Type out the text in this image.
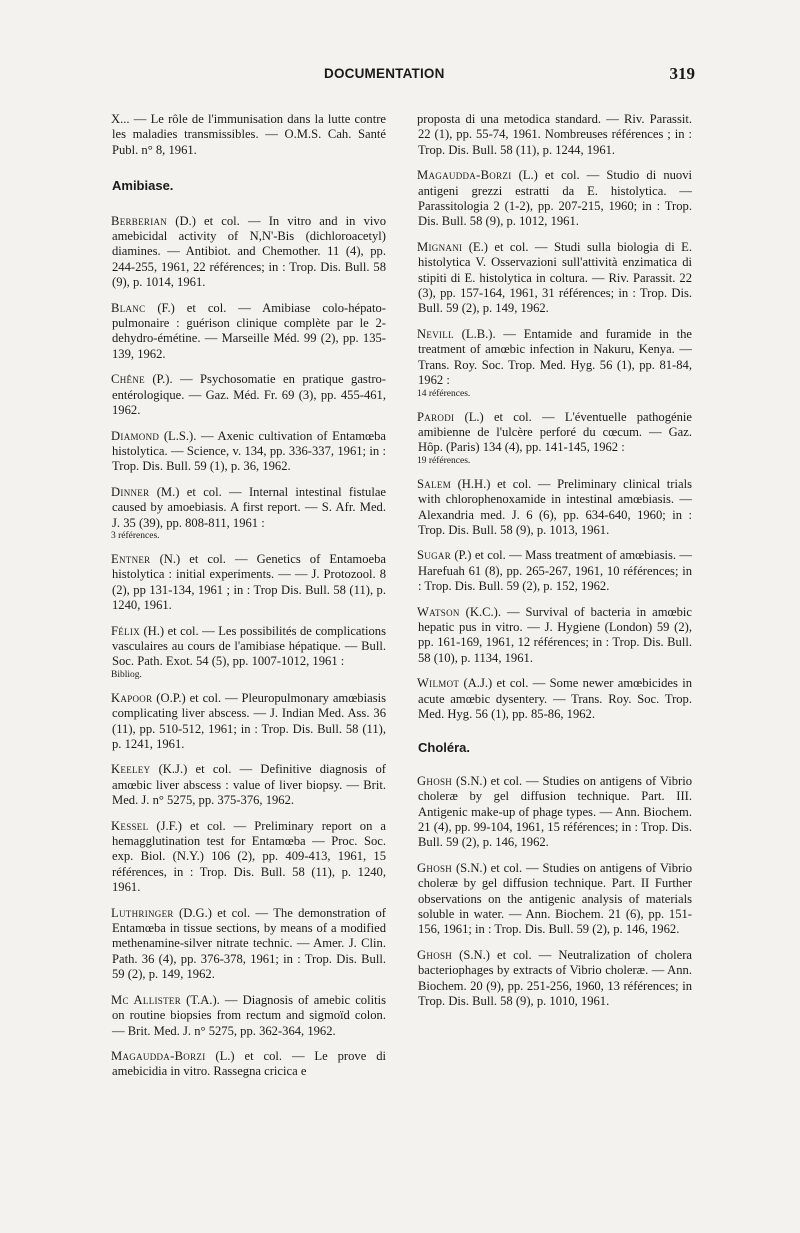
DOCUMENTATION	319

X... — Le rôle de l'immunisation dans la lutte contre les maladies transmissibles. — O.M.S. Cah. Santé Publ. n° 8, 1961.

Amibiase.

Berberian (D.) et col. — In vitro and in vivo amebicidal activity of N,N'-Bis (dichloroacetyl) diamines. — Antibiot. and Chemother. 11 (4), pp. 244-255, 1961, 22 références; in : Trop. Dis. Bull. 58 (9), p. 1014, 1961.

Blanc (F.) et col. — Amibiase colo-hépato-pulmonaire : guérison clinique complète par le 2-dehydro-émétine. — Marseille Méd. 99 (2), pp. 135-139, 1962.

Chêne (P.). — Psychosomatie en pratique gastro-entérologique. — Gaz. Méd. Fr. 69 (3), pp. 455-461, 1962.

Diamond (L.S.). — Axenic cultivation of Entamœba histolytica. — Science, v. 134, pp. 336-337, 1961; in : Trop. Dis. Bull. 59 (1), p. 36, 1962.

Dinner (M.) et col. — Internal intestinal fistulae caused by amoebiasis. A first report. — S. Afr. Med. J. 35 (39), pp. 808-811, 1961 :
3 références.

Entner (N.) et col. — Genetics of Entamoeba histolytica : initial experiments. — — J. Protozool. 8 (2), pp 131-134, 1961 ; in : Trop Dis. Bull. 58 (11), p. 1240, 1961.

Félix (H.) et col. — Les possibilités de complications vasculaires au cours de l'amibiase hépatique. — Bull. Soc. Path. Exot. 54 (5), pp. 1007-1012, 1961 :
Bibliog.

Kapoor (O.P.) et col. — Pleuropulmonary amœbiasis complicating liver abscess. — J. Indian Med. Ass. 36 (11), pp. 510-512, 1961; in : Trop. Dis. Bull. 58 (11), p. 1241, 1961.

Keeley (K.J.) et col. — Definitive diagnosis of amœbic liver abscess : value of liver biopsy. — Brit. Med. J. n° 5275, pp. 375-376, 1962.

Kessel (J.F.) et col. — Preliminary report on a hemagglutination test for Entamœba — Proc. Soc. exp. Biol. (N.Y.) 106 (2), pp. 409-413, 1961, 15 références, in : Trop. Dis. Bull. 58 (11), p. 1240, 1961.

Luthringer (D.G.) et col. — The demonstration of Entamœba in tissue sections, by means of a modified methenamine-silver nitrate technic. — Amer. J. Clin. Path. 36 (4), pp. 376-378, 1961; in : Trop. Dis. Bull. 59 (2), p. 149, 1962.

Mc Allister (T.A.). — Diagnosis of amebic colitis on routine biopsies from rectum and sigmoïd colon. — Brit. Med. J. n° 5275, pp. 362-364, 1962.

Magaudda-Borzi (L.) et col. — Le prove di amebicidia in vitro. Rassegna cricica e

proposta di una metodica standard. — Riv. Parassit. 22 (1), pp. 55-74, 1961. Nombreuses références ; in : Trop. Dis. Bull. 58 (11), p. 1244, 1961.

Magaudda-Borzi (L.) et col. — Studio di nuovi antigeni grezzi estratti da E. histolytica. — Parassitologia 2 (1-2), pp. 207-215, 1960; in : Trop. Dis. Bull. 58 (9), p. 1012, 1961.

Mignani (E.) et col. — Studi sulla biologia di E. histolytica V. Osservazioni sull'attività enzimatica di stipiti di E. histolytica in coltura. — Riv. Parassit. 22 (3), pp. 157-164, 1961, 31 références; in : Trop. Dis. Bull. 59 (2), p. 149, 1962.

Nevill (L.B.). — Entamide and furamide in the treatment of amœbic infection in Nakuru, Kenya. — Trans. Roy. Soc. Trop. Med. Hyg. 56 (1), pp. 81-84, 1962 :
14 références.

Parodi (L.) et col. — L'éventuelle pathogénie amibienne de l'ulcère perforé du cœcum. — Gaz. Hôp. (Paris) 134 (4), pp. 141-145, 1962 :
19 références.

Salem (H.H.) et col. — Preliminary clinical trials with chlorophenoxamide in intestinal amœbiasis. — Alexandria med. J. 6 (6), pp. 634-640, 1960; in : Trop. Dis. Bull. 58 (9), p. 1013, 1961.

Sugar (P.) et col. — Mass treatment of amœbiasis. — Harefuah 61 (8), pp. 265-267, 1961, 10 références; in : Trop. Dis. Bull. 59 (2), p. 152, 1962.

Watson (K.C.). — Survival of bacteria in amœbic hepatic pus in vitro. — J. Hygiene (London) 59 (2), pp. 161-169, 1961, 12 références; in : Trop. Dis. Bull. 58 (10), p. 1134, 1961.

Wilmot (A.J.) et col. — Some newer amœbicides in acute amœbic dysentery. — Trans. Roy. Soc. Trop. Med. Hyg. 56 (1), pp. 85-86, 1962.

Choléra.

Ghosh (S.N.) et col. — Studies on antigens of Vibrio choleræ by gel diffusion technique. Part. III. Antigenic make-up of phage types. — Ann. Biochem. 21 (4), pp. 99-104, 1961, 15 références; in : Trop. Dis. Bull. 59 (2), p. 146, 1962.

Ghosh (S.N.) et col. — Studies on antigens of Vibrio choleræ by gel diffusion technique. Part. II Further observations on the antigenic analysis of materials soluble in water. — Ann. Biochem. 21 (6), pp. 151-156, 1961; in : Trop. Dis. Bull. 59 (2), p. 146, 1962.

Ghosh (S.N.) et col. — Neutralization of cholera bacteriophages by extracts of Vibrio choleræ. — Ann. Biochem. 20 (9), pp. 251-256, 1960, 13 références; in Trop. Dis. Bull. 58 (9), p. 1010, 1961.
